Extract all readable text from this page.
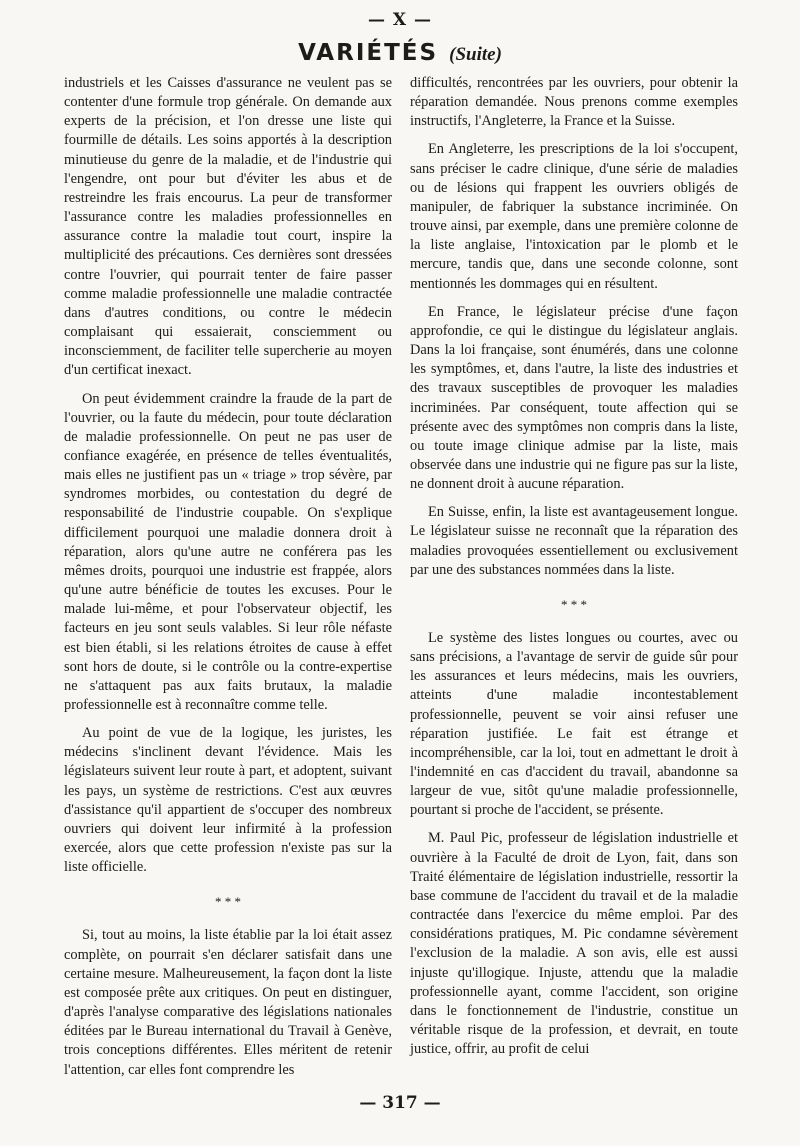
— X —
VARIÉTÉS (Suite)

industriels et les Caisses d'assurance ne veulent pas se contenter d'une formule trop générale. On demande aux experts de la précision, et l'on dresse une liste qui fourmille de détails. Les soins apportés à la description minutieuse du genre de la maladie, et de l'industrie qui l'engendre, ont pour but d'éviter les abus et de restreindre les frais encourus. La peur de transformer l'assurance contre les maladies professionnelles en assurance contre la maladie tout court, inspire la multiplicité des précautions. Ces dernières sont dressées contre l'ouvrier, qui pourrait tenter de faire passer comme maladie professionnelle une maladie contractée dans d'autres conditions, ou contre le médecin complaisant qui essaierait, consciemment ou inconsciemment, de faciliter telle supercherie au moyen d'un certificat inexact.

On peut évidemment craindre la fraude de la part de l'ouvrier, ou la faute du médecin, pour toute déclaration de maladie professionnelle. On peut ne pas user de confiance exagérée, en présence de telles éventualités, mais elles ne justifient pas un « triage » trop sévère, par syndromes morbides, ou contestation du degré de responsabilité de l'industrie coupable. On s'explique difficilement pourquoi une maladie donnera droit à réparation, alors qu'une autre ne conférera pas les mêmes droits, pourquoi une industrie est frappée, alors qu'une autre bénéficie de toutes les excuses. Pour le malade lui-même, et pour l'observateur objectif, les facteurs en jeu sont seuls valables. Si leur rôle néfaste est bien établi, si les relations étroites de cause à effet sont hors de doute, si le contrôle ou la contre-expertise ne s'attaquent pas aux faits brutaux, la maladie professionnelle est à reconnaître comme telle.

Au point de vue de la logique, les juristes, les médecins s'inclinent devant l'évidence. Mais les législateurs suivent leur route à part, et adoptent, suivant les pays, un système de restrictions. C'est aux œuvres d'assistance qu'il appartient de s'occuper des nombreux ouvriers qui doivent leur infirmité à la profession exercée, alors que cette profession n'existe pas sur la liste officielle.

* * *

Si, tout au moins, la liste établie par la loi était assez complète, on pourrait s'en déclarer satisfait dans une certaine mesure. Malheureusement, la façon dont la liste est composée prête aux critiques. On peut en distinguer, d'après l'analyse comparative des législations nationales éditées par le Bureau international du Travail à Genève, trois conceptions différentes. Elles méritent de retenir l'attention, car elles font comprendre les

difficultés, rencontrées par les ouvriers, pour obtenir la réparation demandée. Nous prenons comme exemples instructifs, l'Angleterre, la France et la Suisse.

En Angleterre, les prescriptions de la loi s'occupent, sans préciser le cadre clinique, d'une série de maladies ou de lésions qui frappent les ouvriers obligés de manipuler, de fabriquer la substance incriminée. On trouve ainsi, par exemple, dans une première colonne de la liste anglaise, l'intoxication par le plomb et le mercure, tandis que, dans une seconde colonne, sont mentionnés les dommages qui en résultent.

En France, le législateur précise d'une façon approfondie, ce qui le distingue du législateur anglais. Dans la loi française, sont énumérés, dans une colonne les symptômes, et, dans l'autre, la liste des industries et des travaux susceptibles de provoquer les maladies incriminées. Par conséquent, toute affection qui se présente avec des symptômes non compris dans la liste, ou toute image clinique admise par la liste, mais observée dans une industrie qui ne figure pas sur la liste, ne donnent droit à aucune réparation.

En Suisse, enfin, la liste est avantageusement longue. Le législateur suisse ne reconnaît que la réparation des maladies provoquées essentiellement ou exclusivement par une des substances nommées dans la liste.

* * *

Le système des listes longues ou courtes, avec ou sans précisions, a l'avantage de servir de guide sûr pour les assurances et leurs médecins, mais les ouvriers, atteints d'une maladie incontestablement professionnelle, peuvent se voir ainsi refuser une réparation justifiée. Le fait est étrange et incompréhensible, car la loi, tout en admettant le droit à l'indemnité en cas d'accident du travail, abandonne sa largeur de vue, sitôt qu'une maladie professionnelle, pourtant si proche de l'accident, se présente.

M. Paul Pic, professeur de législation industrielle et ouvrière à la Faculté de droit de Lyon, fait, dans son Traité élémentaire de législation industrielle, ressortir la base commune de l'accident du travail et de la maladie contractée dans l'exercice du même emploi. Par des considérations pratiques, M. Pic condamne sévèrement l'exclusion de la maladie. A son avis, elle est aussi injuste qu'illogique. Injuste, attendu que la maladie professionnelle ayant, comme l'accident, son origine dans le fonctionnement de l'industrie, constitue un véritable risque de la profession, et devrait, en toute justice, offrir, au profit de celui

— 317 —
